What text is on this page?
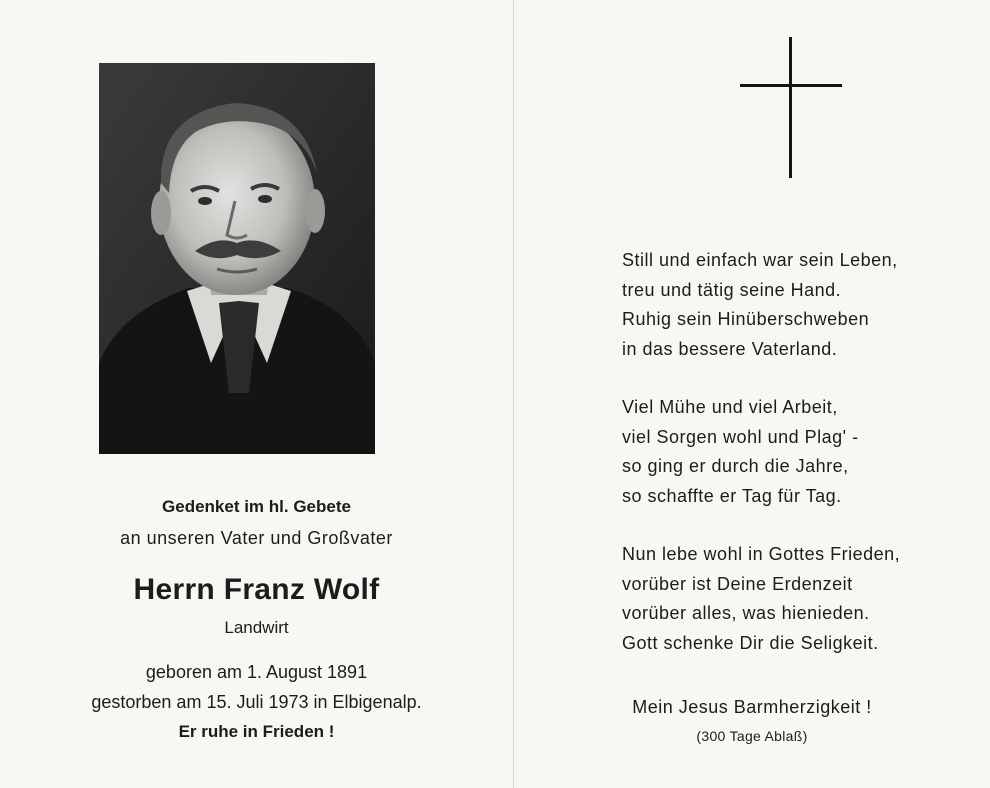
Gedenket im hl. Gebete
an unseren Vater und Großvater
Herrn Franz Wolf
Landwirt
geboren am 1. August 1891
gestorben am 15. Juli 1973 in Elbigenalp.
Er ruhe in Frieden !
Still und einfach war sein Leben,
treu und tätig seine Hand.
Ruhig sein Hinüberschweben
in das bessere Vaterland.
Viel Mühe und viel Arbeit,
viel Sorgen wohl und Plag' -
so ging er durch die Jahre,
so schaffte er Tag für Tag.
Nun lebe wohl in Gottes Frieden,
vorüber ist Deine Erdenzeit
vorüber alles, was hienieden.
Gott schenke Dir die Seligkeit.
Mein Jesus Barmherzigkeit !
(300 Tage Ablaß)
